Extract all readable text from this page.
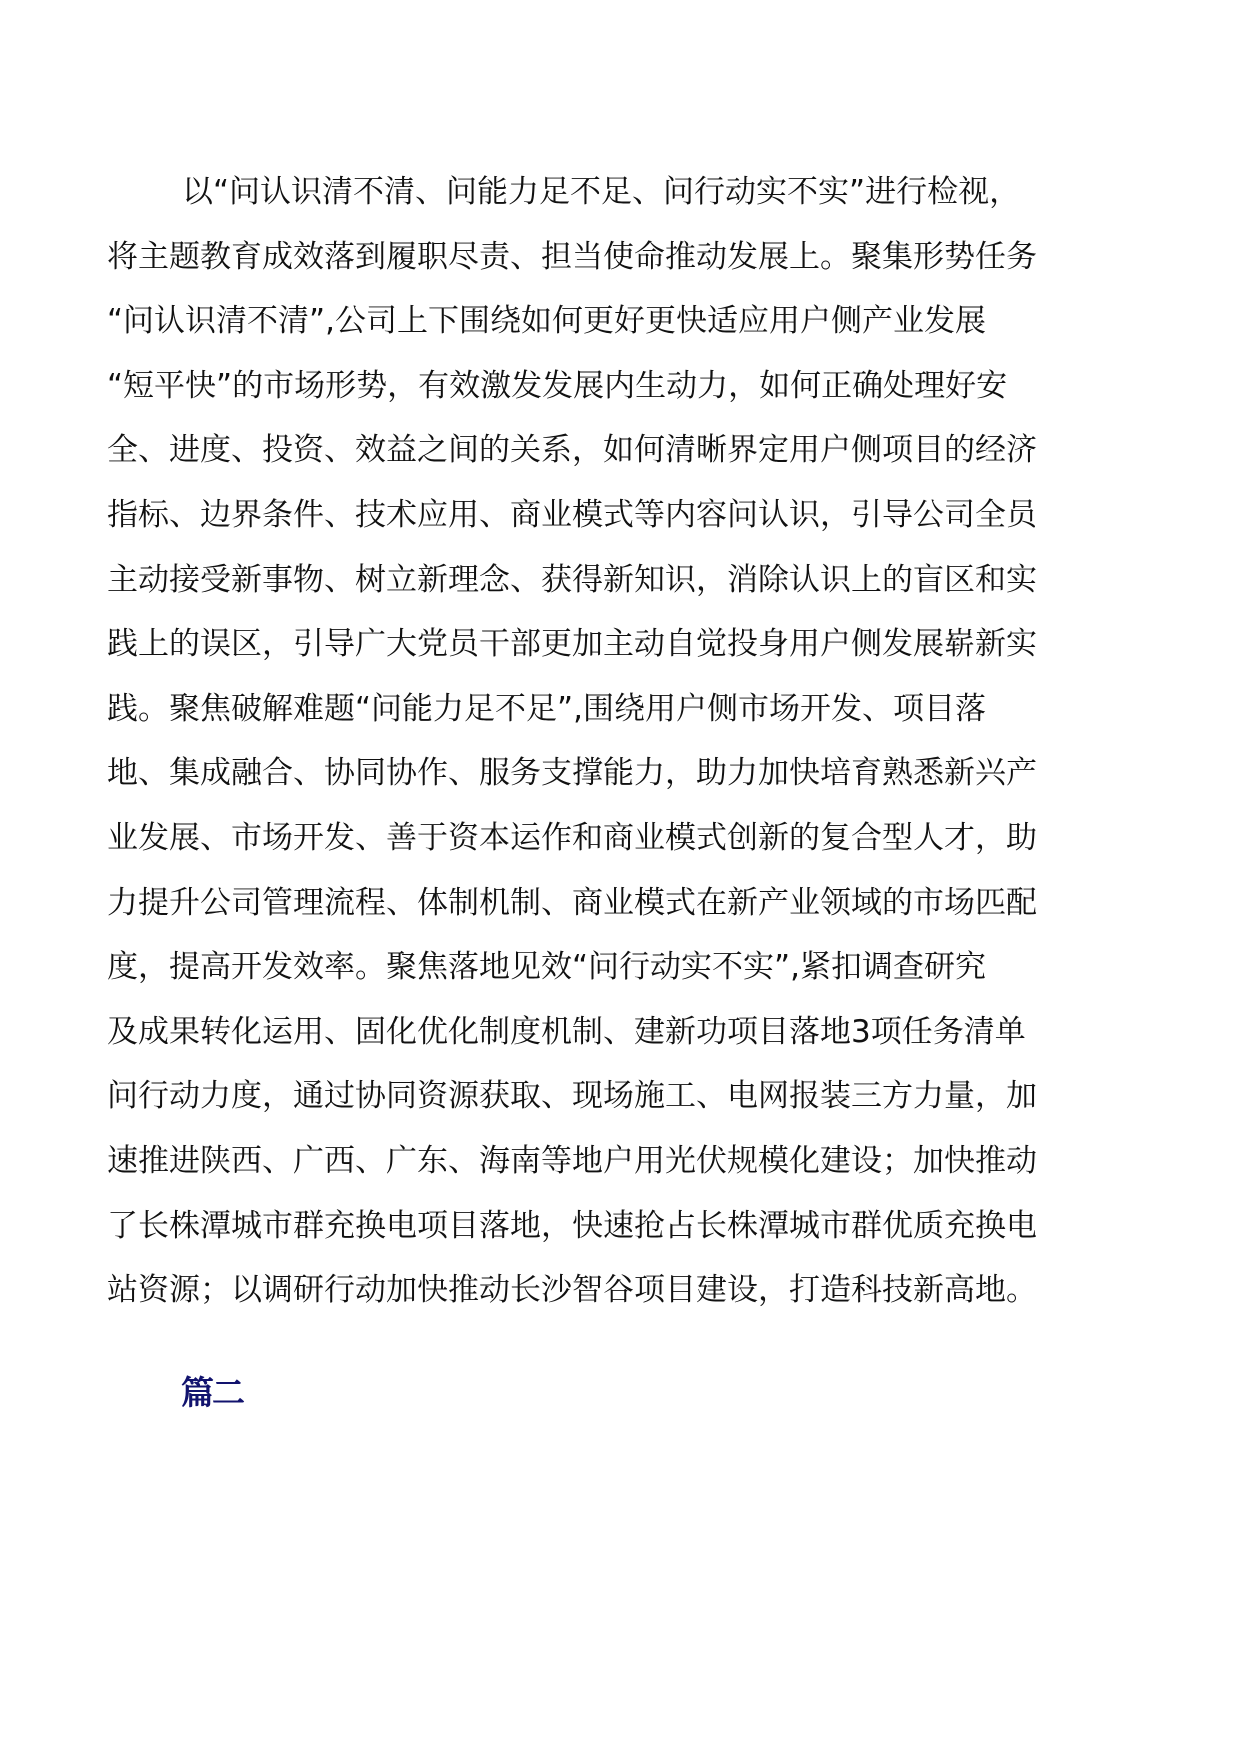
以“问认识清不清、问能力足不足、问行动实不实”进行检视，
将主题教育成效落到履职尽责、担当使命推动发展上。聚集形势任务
“问认识清不清”,公司上下围绕如何更好更快适应用户侧产业发展
“短平快”的市场形势，有效激发发展内生动力，如何正确处理好安
全、进度、投资、效益之间的关系，如何清晰界定用户侧项目的经济
指标、边界条件、技术应用、商业模式等内容问认识，引导公司全员
主动接受新事物、树立新理念、获得新知识，消除认识上的盲区和实
践上的误区，引导广大党员干部更加主动自觉投身用户侧发展崭新实
践。聚焦破解难题“问能力足不足”,围绕用户侧市场开发、项目落
地、集成融合、协同协作、服务支撑能力，助力加快培育熟悉新兴产
业发展、市场开发、善于资本运作和商业模式创新的复合型人才，助
力提升公司管理流程、体制机制、商业模式在新产业领域的市场匹配
度，提高开发效率。聚焦落地见效“问行动实不实”,紧扣调查研究
及成果转化运用、固化优化制度机制、建新功项目落地3项任务清单
问行动力度，通过协同资源获取、现场施工、电网报装三方力量，加
速推进陕西、广西、广东、海南等地户用光伏规模化建设；加快推动
了长株潭城市群充换电项目落地，快速抢占长株潭城市群优质充换电
站资源；以调研行动加快推动长沙智谷项目建设，打造科技新高地。

篇二
